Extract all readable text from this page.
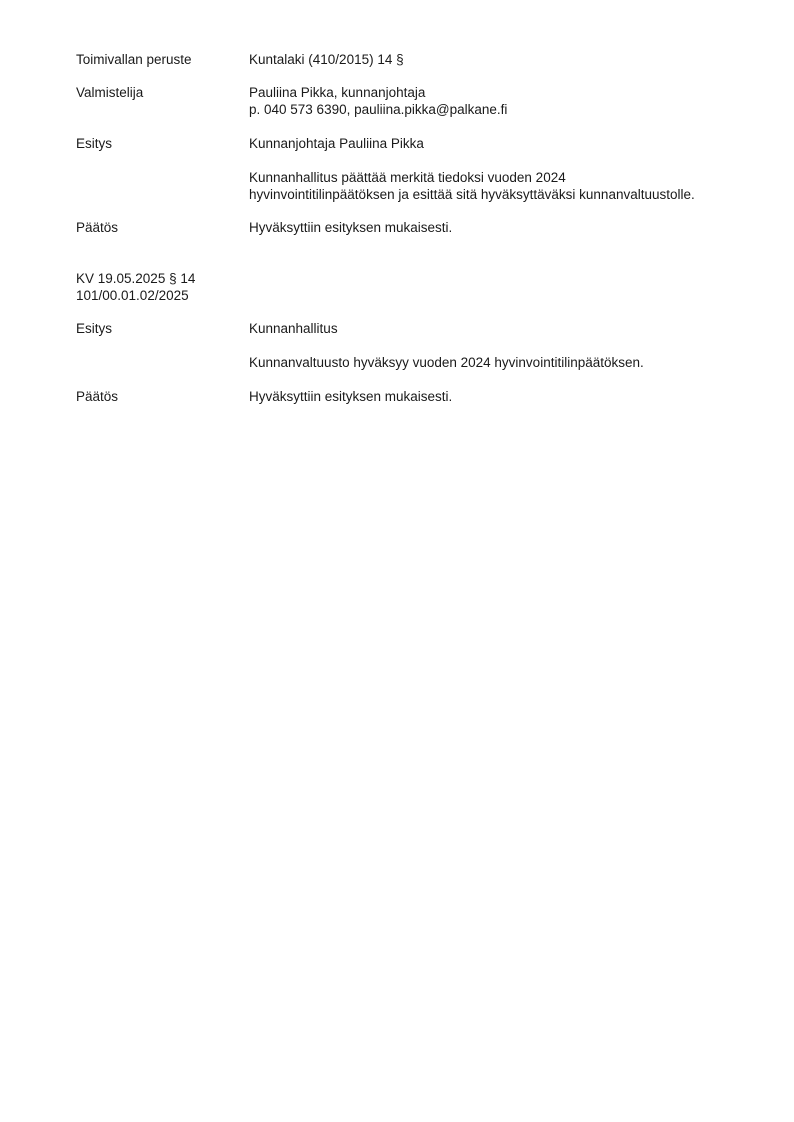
Toimivallan peruste	Kuntalaki (410/2015) 14 §
Valmistelija	Pauliina Pikka, kunnanjohtaja
p. 040 573 6390, pauliina.pikka@palkane.fi
Esitys	Kunnanjohtaja Pauliina Pikka
Kunnanhallitus päättää merkitä tiedoksi vuoden 2024
hyvinvointitilinpäätöksen ja esittää sitä hyväksyttäväksi kunnanvaltuustolle.
Päätös	Hyväksyttiin esityksen mukaisesti.
KV 19.05.2025 § 14
101/00.01.02/2025
Esitys	Kunnanhallitus
Kunnanvaltuusto hyväksyy vuoden 2024 hyvinvointitilinpäätöksen.
Päätös	Hyväksyttiin esityksen mukaisesti.
